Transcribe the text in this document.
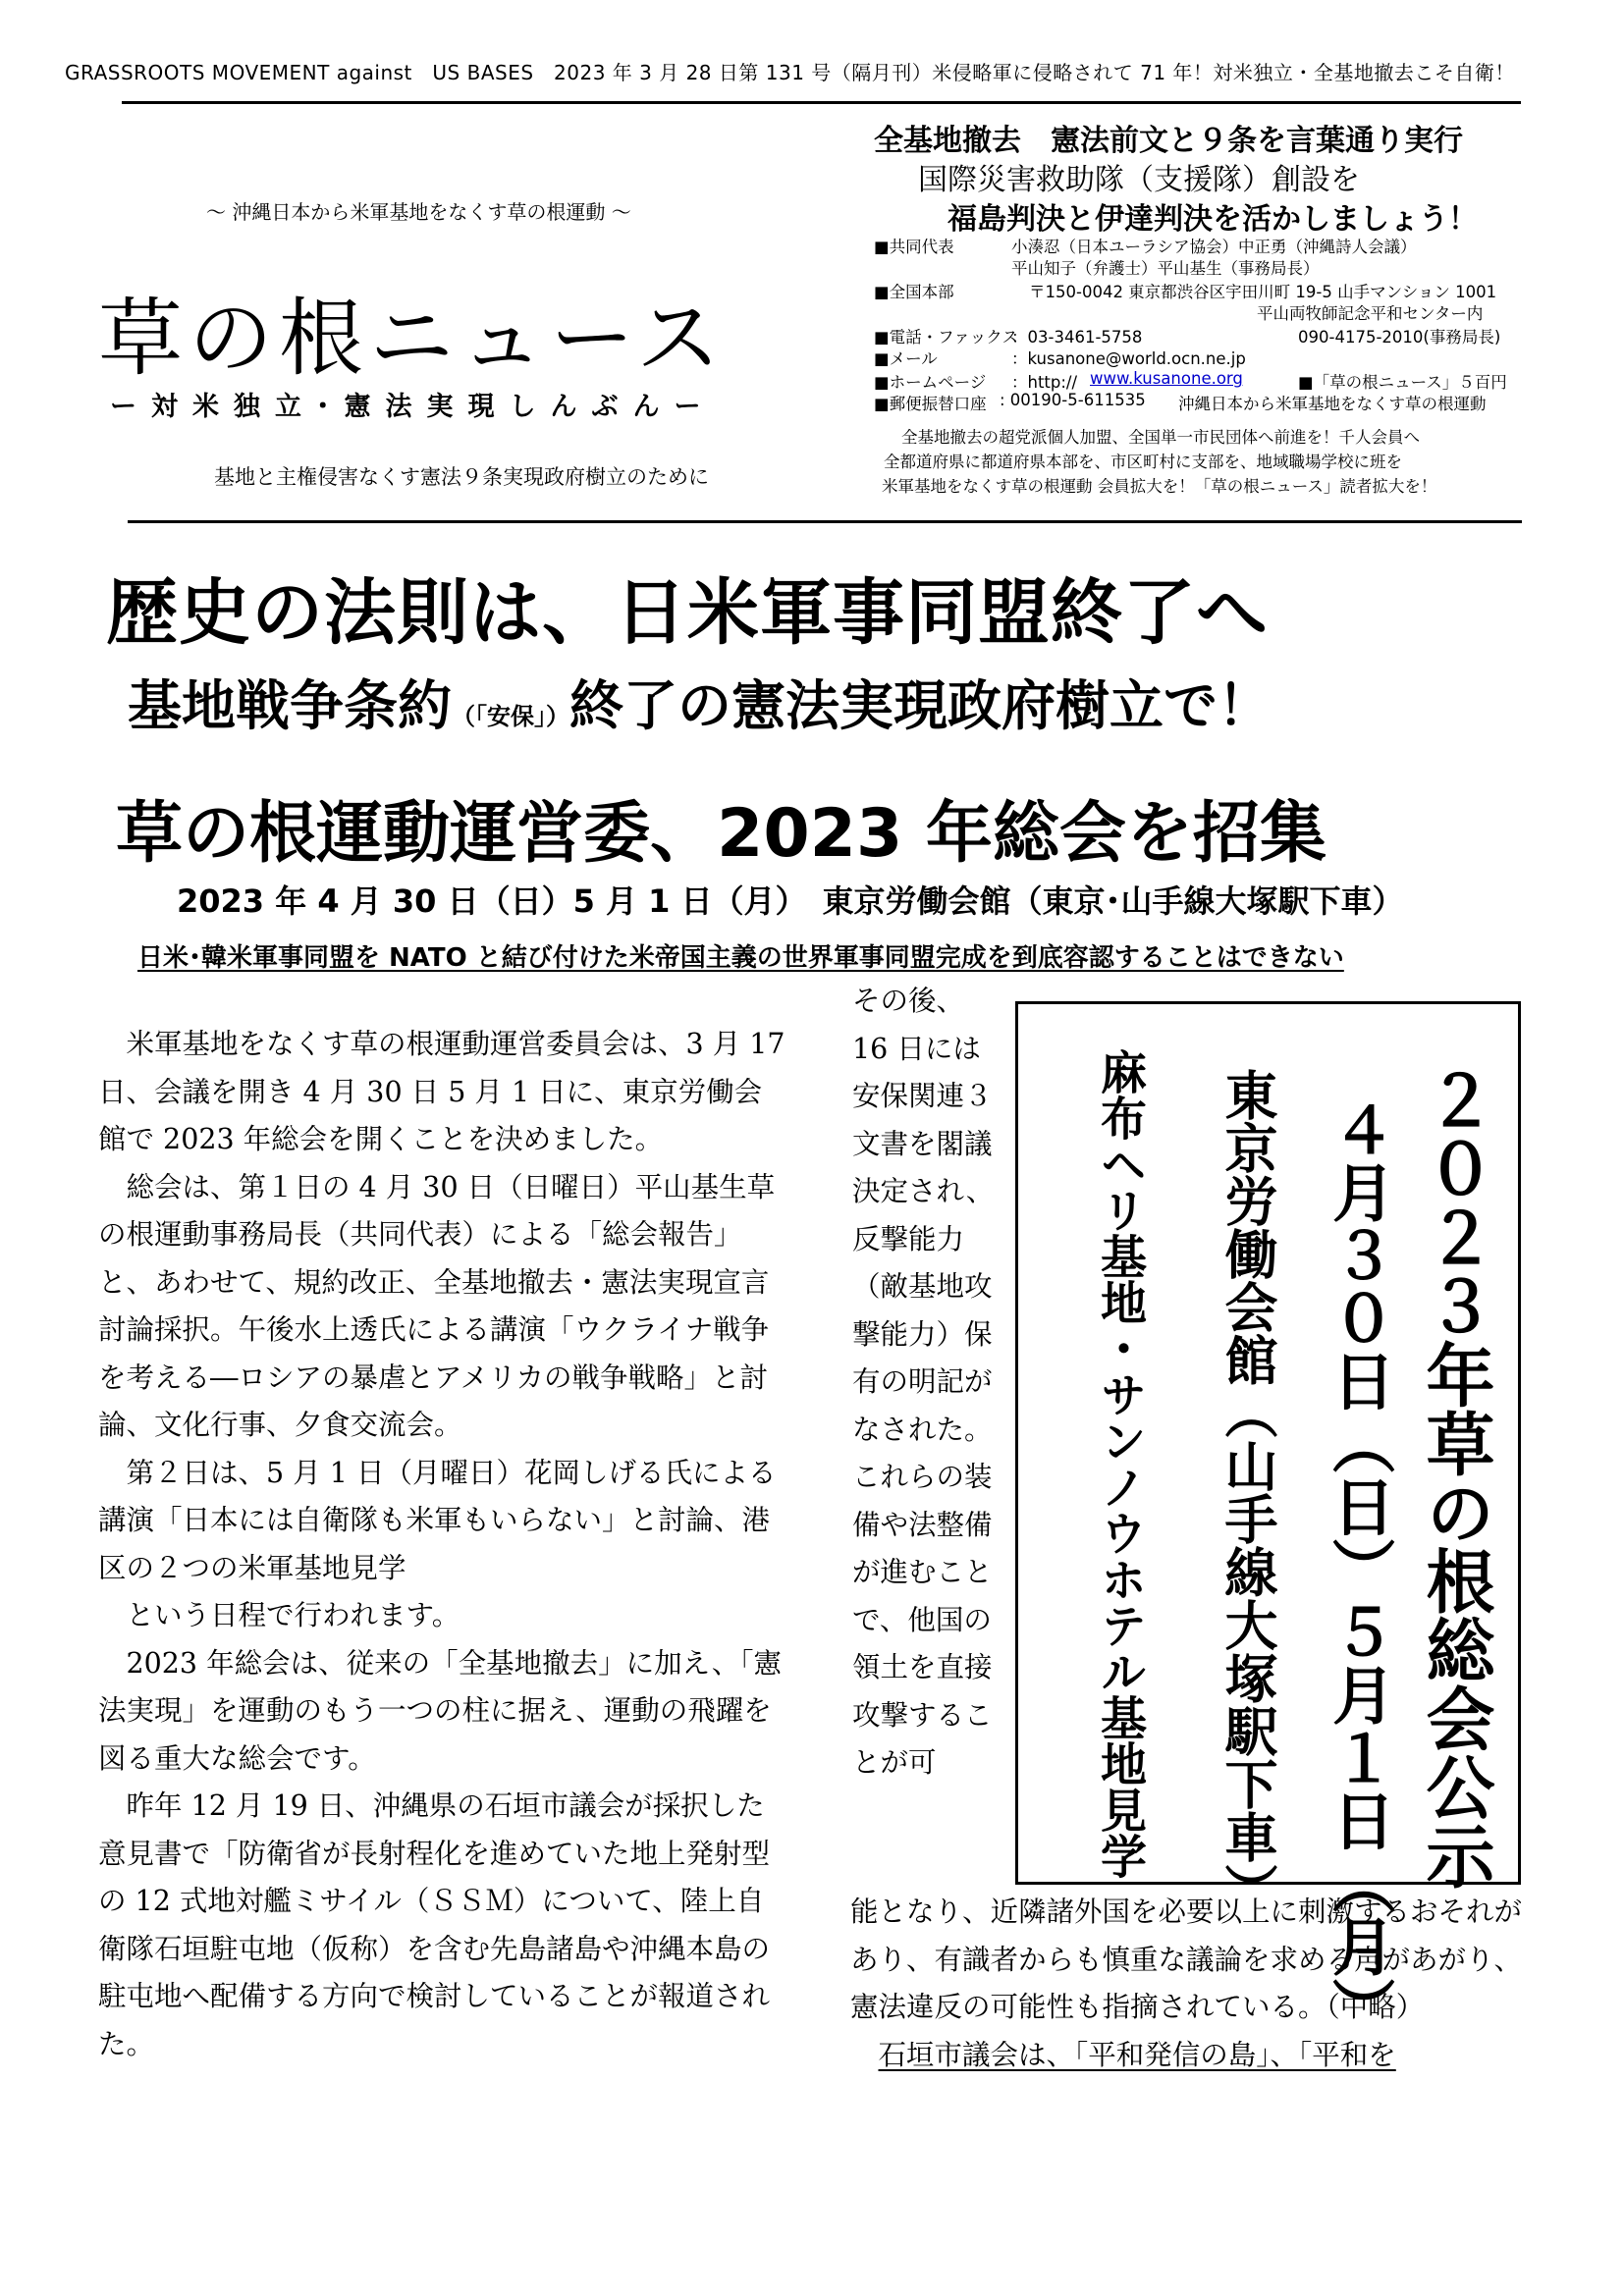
GRASSROOTS MOVEMENT against　US BASES　2023 年 3 月 28 日第 131 号（隔月刊）米侵略軍に侵略されて 71 年！対米独立・全基地撤去こそ自衛！
～ 沖縄日本から米軍基地をなくす草の根運動 ～
草の根ニュース
ー対米独立･憲法実現しんぶんー
基地と主権侵害なくす憲法９条実現政府樹立のために
全基地撤去　憲法前文と９条を言葉通り実行
国際災害救助隊（支援隊）創設を
福島判決と伊達判決を活かしましょう！
■共同代表	小湊忍（日本ユーラシア協会）中正勇（沖縄詩人会議）
平山知子（弁護士）平山基生（事務局長）
■全国本部	〒150-0042 東京都渋谷区宇田川町 19-5 山手マンション 1001
平山両牧師記念平和センター内
■電話・ファックス
：03-3461-5758	090-4175-2010(事務局長)
■メール	：kusanone@world.ocn.ne.jp
■ホームページ ：http:// www.kusanone.org	■「草の根ニュース」５百円
■郵便振替口座 : 00190-5-611535 沖縄日本から米軍基地をなくす草の根運動
全基地撤去の超党派個人加盟、全国単一市民団体へ前進を！千人会員へ
全都道府県に都道府県本部を、市区町村に支部を、地域職場学校に班を
米軍基地をなくす草の根運動 会員拡大を！「草の根ニュース」読者拡大を！
歴史の法則は、日米軍事同盟終了へ
基地戦争条約（「安保」）終了の憲法実現政府樹立で！
草の根運動運営委、2023 年総会を招集
2023 年 4 月 30 日（日）5 月 1 日（月）　東京労働会館（東京･山手線大塚駅下車）
日米･韓米軍事同盟を NATO と結び付けた米帝国主義の世界軍事同盟完成を到底容認することはできない

米軍基地をなくす草の根運動運営委員会は、3 月 17 日、会議を開き 4 月 30 日 5 月 1 日に、東京労働会館で 2023 年総会を開くことを決めました。

総会は、第１日の 4 月 30 日（日曜日）平山基生草の根運動事務局長（共同代表）による「総会報告」と、あわせて、規約改正、全基地撤去・憲法実現宣言討論採択。午後水上透氏による講演「ウクライナ戦争を考える―ロシアの暴虐とアメリカの戦争戦略」と討論、文化行事、夕食交流会。

第２日は、5 月 1 日（月曜日）花岡しげる氏による講演「日本には自衛隊も米軍もいらない」と討論、港区の２つの米軍基地見学

という日程で行われます。

2023 年総会は、従来の「全基地撤去」に加え、「憲法実現」を運動のもう一つの柱に据え、運動の飛躍を図る重大な総会です。

昨年 12 月 19 日、沖縄県の石垣市議会が採択した意見書で「防衛省が長射程化を進めていた地上発射型の 12 式地対艦ミサイル（ＳＳＭ）について、陸上自衛隊石垣駐屯地（仮称）を含む先島諸島や沖縄本島の駐屯地へ配備する方向で検討していることが報道された。

その後、16 日には安保関連３文書を閣議決定され、反撃能力（敵基地攻撃能力）保有の明記がなされた。これらの装備や法整備が進むことで、他国の領土を直接攻撃することが可

能となり、近隣諸外国を必要以上に刺激するおそれがあり、有識者からも慎重な議論を求める声があがり、憲法違反の可能性も指摘されている。（中略）

石垣市議会は、「平和発信の島」、「平和を

２０２３年草の根総会公示
４月３０日（日）５月１日（月）
東京労働会館（山手線大塚駅下車）
麻布ヘリ基地・サンノウホテル基地見学
